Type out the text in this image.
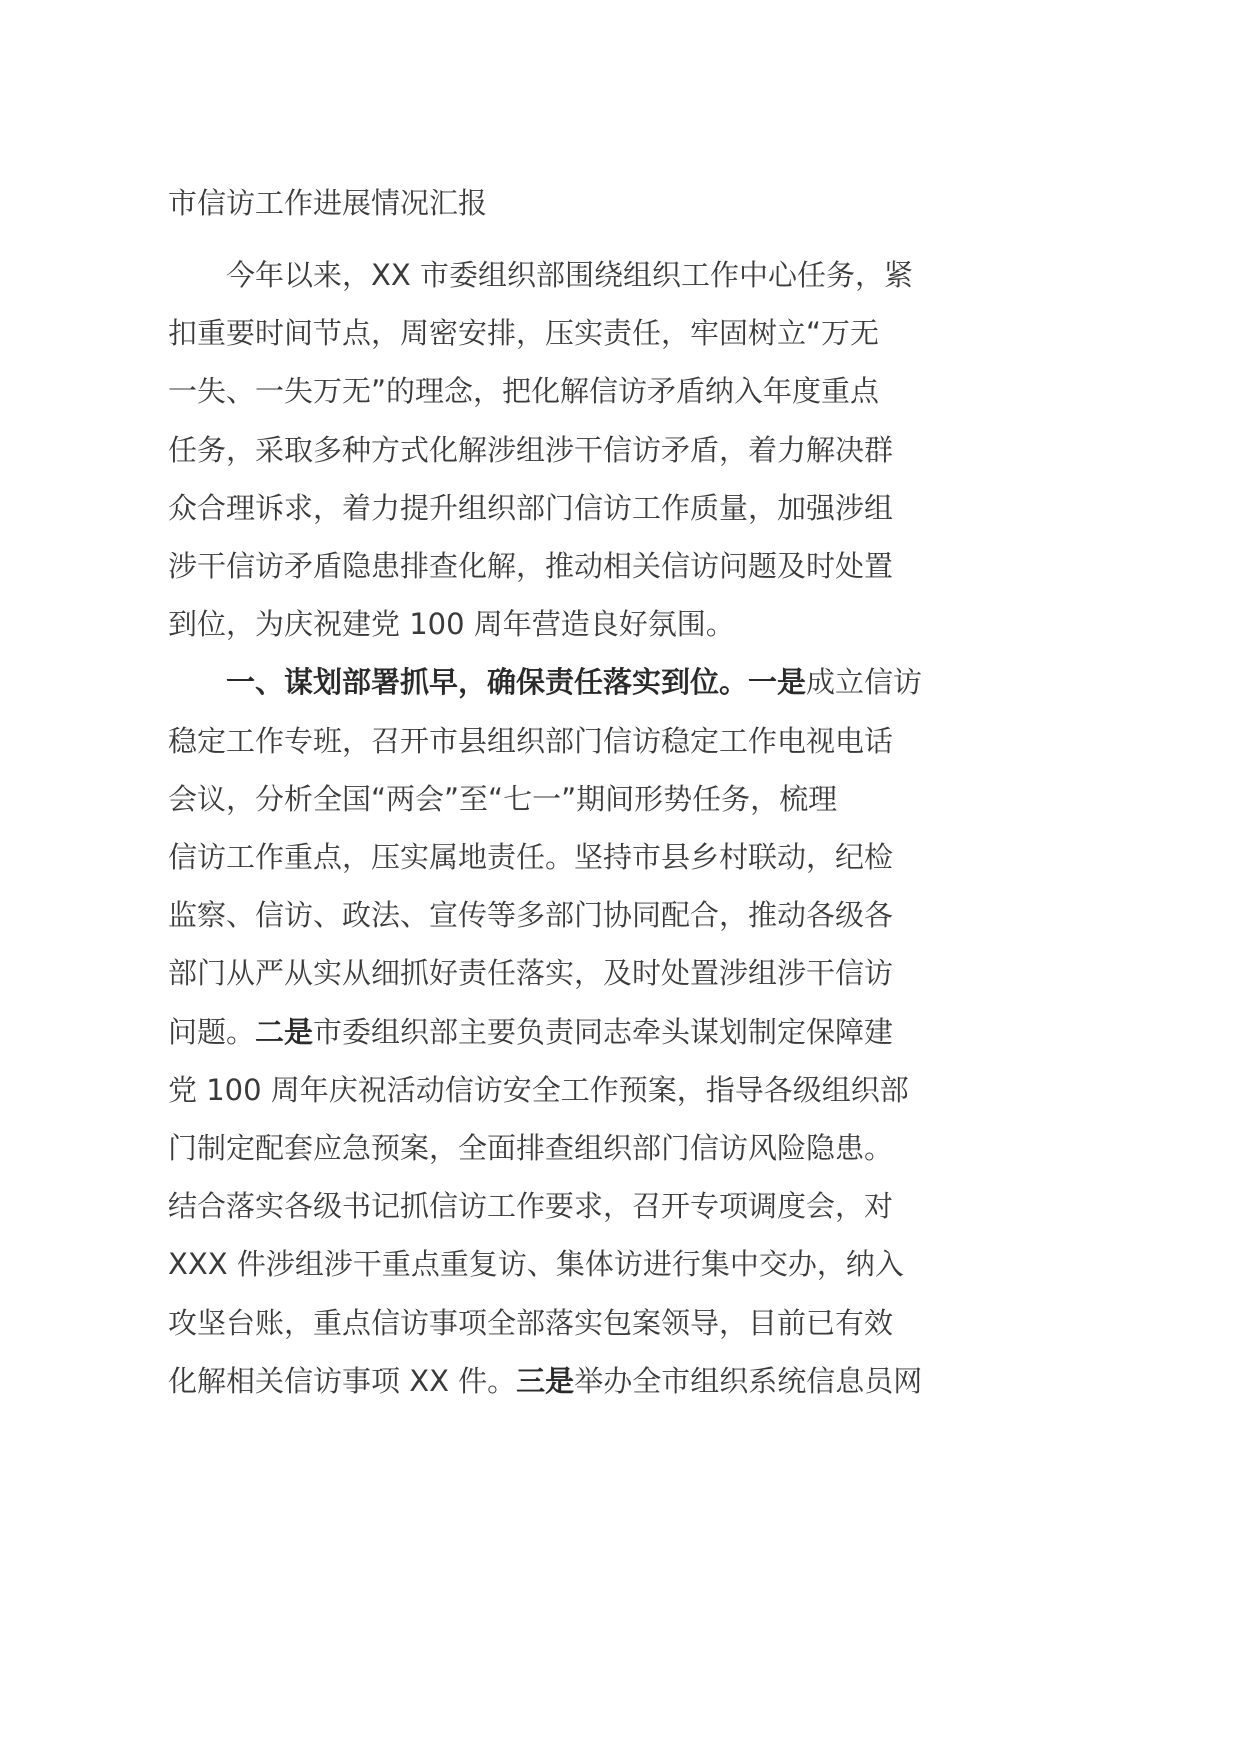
市信访工作进展情况汇报
　　今年以来，XX 市委组织部围绕组织工作中心任务，紧
扣重要时间节点，周密安排，压实责任，牢固树立“万无
一失、一失万无”的理念，把化解信访矛盾纳入年度重点
任务，采取多种方式化解涉组涉干信访矛盾，着力解决群
众合理诉求，着力提升组织部门信访工作质量，加强涉组
涉干信访矛盾隐患排查化解，推动相关信访问题及时处置
到位，为庆祝建党 100 周年营造良好氛围。
　　一、谋划部署抓早，确保责任落实到位。一是成立信访
稳定工作专班，召开市县组织部门信访稳定工作电视电话
会议，分析全国“两会”至“七一”期间形势任务，梳理
信访工作重点，压实属地责任。坚持市县乡村联动，纪检
监察、信访、政法、宣传等多部门协同配合，推动各级各
部门从严从实从细抓好责任落实，及时处置涉组涉干信访
问题。二是市委组织部主要负责同志牵头谋划制定保障建
党 100 周年庆祝活动信访安全工作预案，指导各级组织部
门制定配套应急预案，全面排查组织部门信访风险隐患。
结合落实各级书记抓信访工作要求，召开专项调度会，对
XXX 件涉组涉干重点重复访、集体访进行集中交办，纳入
攻坚台账，重点信访事项全部落实包案领导，目前已有效
化解相关信访事项 XX 件。三是举办全市组织系统信息员网
